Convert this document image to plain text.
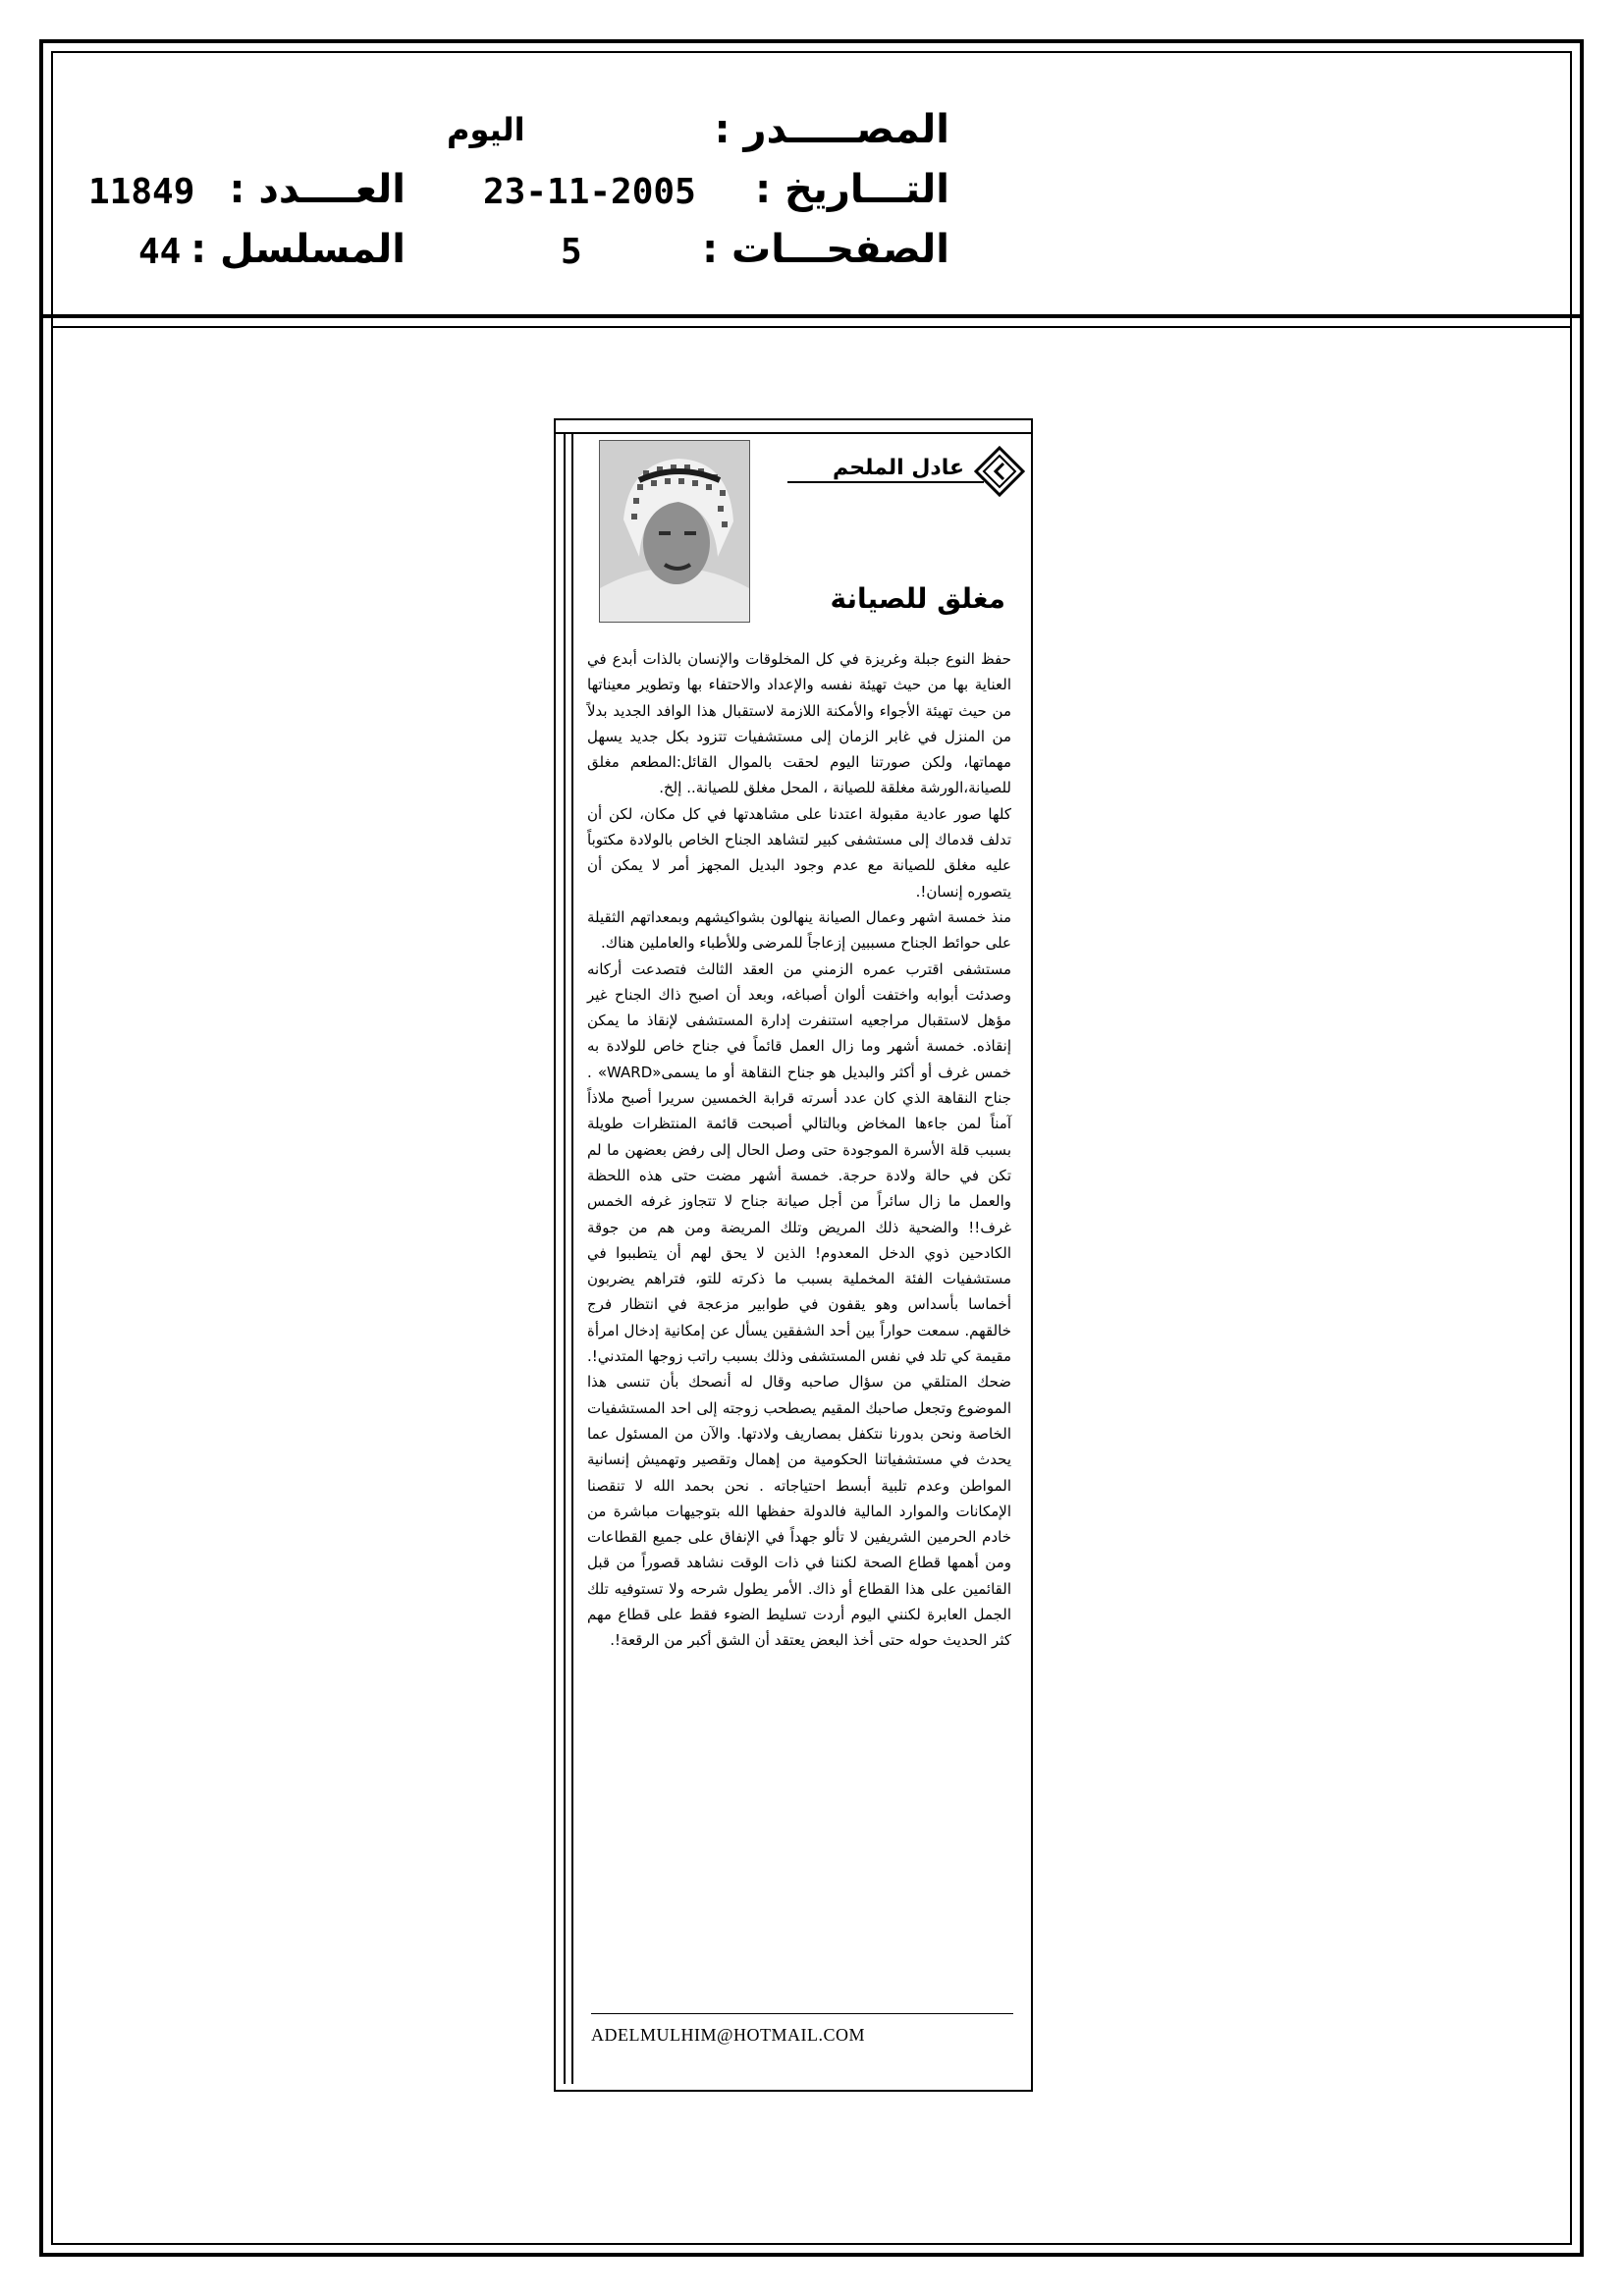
المصـــــدر :
التـــاريخ :
الصفحـــات :
اليوم
23-11-2005
5
العــــدد :
المسلسل :
11849
44
عادل الملحم
مغلق للصيانة

حفظ النوع جبلة وغريزة في كل المخلوقات والإنسان بالذات أبدع في العناية بها من حيث تهيئة نفسه والإعداد والاحتفاء بها وتطوير معيناتها من حيث تهيئة الأجواء والأمكنة اللازمة لاستقبال هذا الوافد الجديد بدلاً من المنزل في غابر الزمان إلى مستشفيات تتزود بكل جديد يسهل مهماتها، ولكن صورتنا اليوم لحقت بالموال القائل:المطعم مغلق للصيانة،الورشة مغلقة للصيانة ، المحل مغلق للصيانة.. إلخ.

كلها صور عادية مقبولة اعتدنا على مشاهدتها في كل مكان، لكن أن تدلف قدماك إلى مستشفى كبير لتشاهد الجناح الخاص بالولادة مكتوباً عليه مغلق للصيانة مع عدم وجود البديل المجهز أمر لا يمكن أن يتصوره إنسان!.

منذ خمسة اشهر وعمال الصيانة ينهالون بشواكيشهم وبمعداتهم الثقيلة على حوائط الجناح مسببين إزعاجاً للمرضى وللأطباء والعاملين هناك.

مستشفى اقترب عمره الزمني من العقد الثالث فتصدعت أركانه وصدئت أبوابه واختفت ألوان أصباغه، وبعد أن اصبح ذاك الجناح غير مؤهل لاستقبال مراجعيه استنفرت إدارة المستشفى لإنقاذ ما يمكن إنقاذه. خمسة أشهر وما زال العمل قائماً في جناح خاص للولادة به خمس غرف أو أكثر والبديل هو جناح النقاهة أو ما يسمى«WARD» . جناح النقاهة الذي كان عدد أسرته قرابة الخمسين سريرا أصبح ملاذاً آمناً لمن جاءها المخاض وبالتالي أصبحت قائمة المنتظرات طويلة بسبب قلة الأسرة الموجودة حتى وصل الحال إلى رفض بعضهن ما لم تكن في حالة ولادة حرجة. خمسة أشهر مضت حتى هذه اللحظة والعمل ما زال سائراً من أجل صيانة جناح لا تتجاوز غرفه الخمس غرف!! والضحية ذلك المريض وتلك المريضة ومن هم من جوقة الكادحين ذوي الدخل المعدوم! الذين لا يحق لهم أن يتطببوا في مستشفيات الفئة المخملية بسبب ما ذكرته للتو، فتراهم يضربون أخماسا بأسداس وهو يقفون في طوابير مزعجة في انتظار فرج خالقهم. سمعت حواراً بين أحد الشفقين يسأل عن إمكانية إدخال امرأة مقيمة كي تلد في نفس المستشفى وذلك بسبب راتب زوجها المتدني!. ضحك المتلقي من سؤال صاحبه وقال له أنصحك بأن تنسى هذا الموضوع وتجعل صاحبك المقيم يصطحب زوجته إلى احد المستشفيات الخاصة ونحن بدورنا نتكفل بمصاريف ولادتها. والآن من المسئول عما يحدث في مستشفياتنا الحكومية من إهمال وتقصير وتهميش إنسانية المواطن وعدم تلبية أبسط احتياجاته . نحن بحمد الله لا تنقصنا الإمكانات والموارد المالية فالدولة حفظها الله بتوجيهات مباشرة من خادم الحرمين الشريفين لا تألو جهداً في الإنفاق على جميع القطاعات ومن أهمها قطاع الصحة لكننا في ذات الوقت نشاهد قصوراً من قبل القائمين على هذا القطاع أو ذاك. الأمر يطول شرحه ولا تستوفيه تلك الجمل العابرة لكنني اليوم أردت تسليط الضوء فقط على قطاع مهم كثر الحديث حوله حتى أخذ البعض يعتقد أن الشق أكبر من الرقعة!.

ADELMULHIM@HOTMAIL.COM
